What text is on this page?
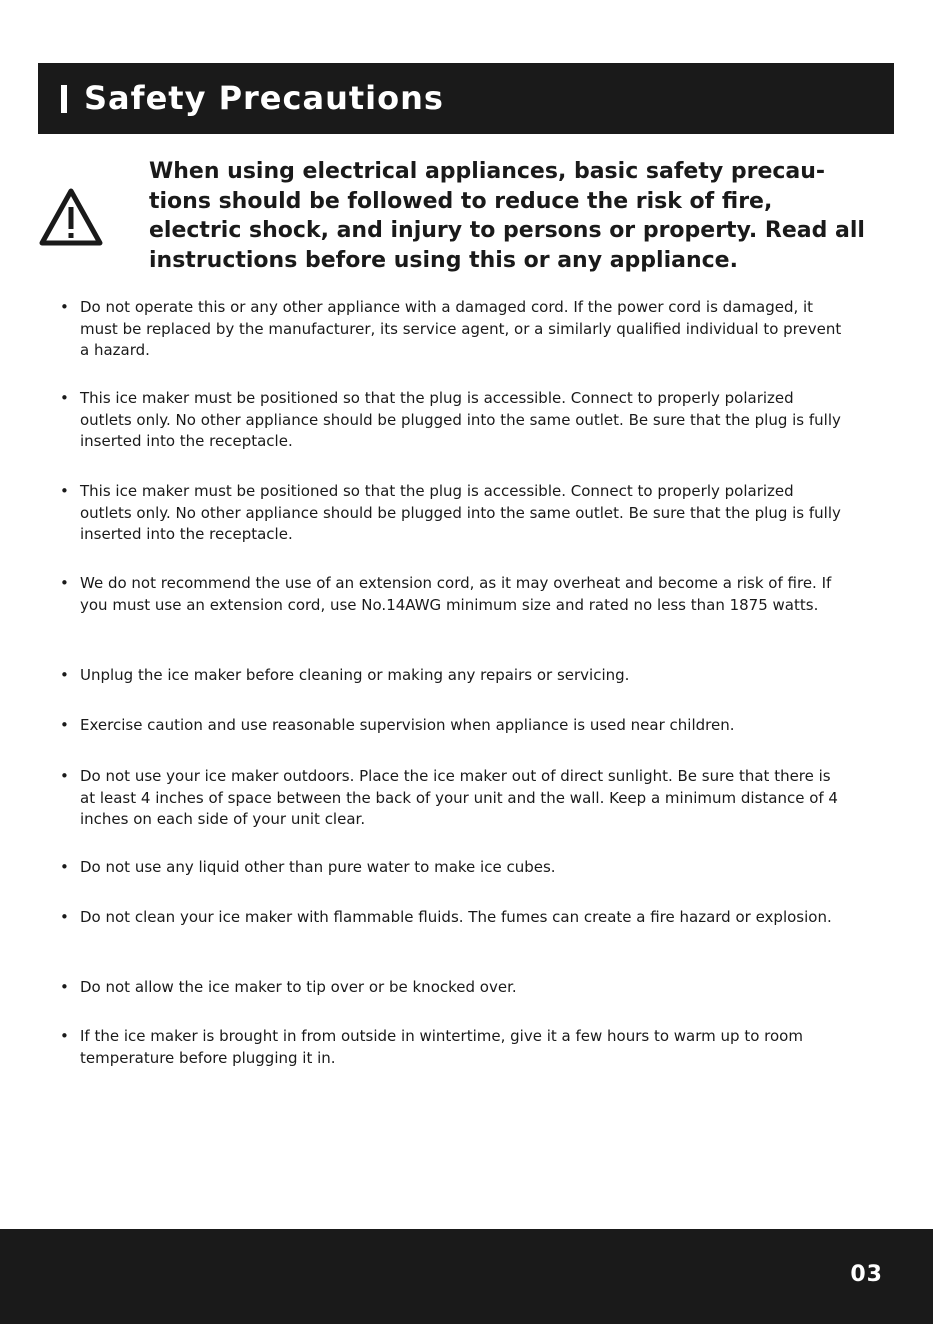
Safety Precautions
When using electrical appliances, basic safety precau-tions should be followed to reduce the risk of fire, electric shock, and injury to persons or property. Read all instructions before using this or any appliance.
• Do not operate this or any other appliance with a damaged cord. If the power cord is damaged, it must be replaced by the manufacturer, its service agent, or a similarly qualified individual to prevent a hazard.
• This ice maker must be positioned so that the plug is accessible. Connect to properly polarized outlets only. No other appliance should be plugged into the same outlet. Be sure that the plug is fully inserted into the receptacle.
• This ice maker must be positioned so that the plug is accessible. Connect to properly polarized outlets only. No other appliance should be plugged into the same outlet. Be sure that the plug is fully inserted into the receptacle.
• We do not recommend the use of an extension cord, as it may overheat and become a risk of fire. If you must use an extension cord, use No.14AWG minimum size and rated no less than 1875 watts.
• Unplug the ice maker before cleaning or making any repairs or servicing.
• Exercise caution and use reasonable supervision when appliance is used near children.
• Do not use your ice maker outdoors. Place the ice maker out of direct sunlight. Be sure that there is at least 4 inches of space between the back of your unit and the wall. Keep a minimum distance of 4 inches on each side of your unit clear.
• Do not use any liquid other than pure water to make ice cubes.
• Do not clean your ice maker with flammable fluids. The fumes can create a fire hazard or explosion.
• Do not allow the ice maker to tip over or be knocked over.
• If the ice maker is brought in from outside in wintertime, give it a few hours to warm up to room temperature before plugging it in.
03
